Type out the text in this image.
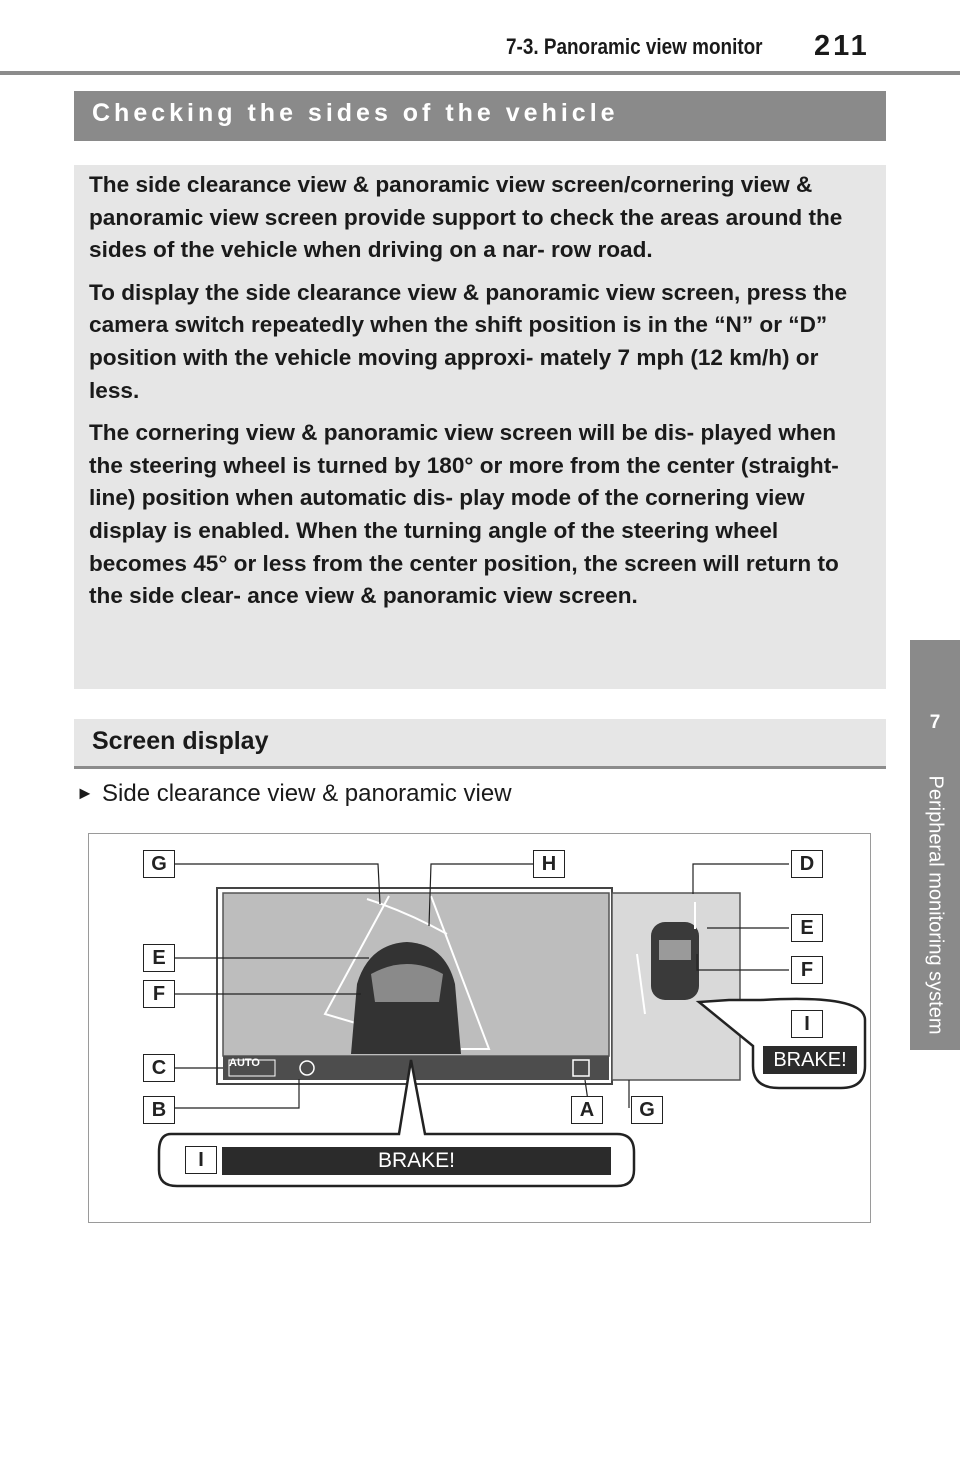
7-3. Panoramic view monitor 211
7
Peripheral monitoring system
Checking the sides of the vehicle

The side clearance view & panoramic view screen/cornering view & panoramic view screen provide support to check the areas around the sides of the vehicle when driving on a nar- row road.

To display the side clearance view & panoramic view screen, press the camera switch repeatedly when the shift position is in the “N” or “D” position with the vehicle moving approxi- mately 7 mph (12 km/h) or less.

The cornering view & panoramic view screen will be dis- played when the steering wheel is turned by 180° or more from the center (straight-line) position when automatic dis- play mode of the cornering view display is enabled. When the turning angle of the steering wheel becomes 45° or less from the center position, the screen will return to the side clear- ance view & panoramic view screen.

Screen display
► Side clearance view & panoramic view
G	H	D
E
F
C
B	A	G
E
F
I
I
AUTO	BRAKE!
BRAKE!
